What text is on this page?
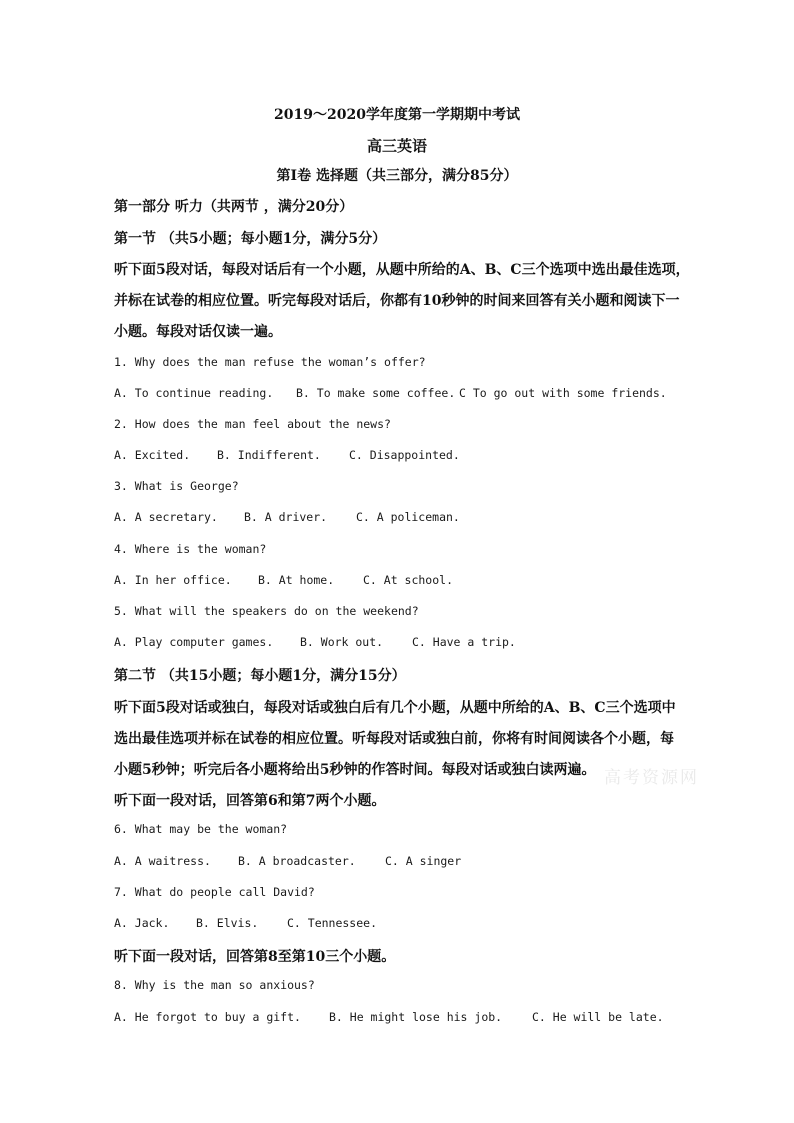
2019～2020学年度第一学期期中考试
高三英语
第Ⅰ卷 选择题（共三部分，满分85分）
第一部分 听力（共两节 ，满分20分）
第一节 （共5小题；每小题1分，满分5分）
听下面5段对话，每段对话后有一个小题，从题中所给的A、B、C三个选项中选出最佳选项，
并标在试卷的相应位置。听完每段对话后，你都有10秒钟的时间来回答有关小题和阅读下一
小题。每段对话仅读一遍。
1. Why does the man refuse the woman’s offer?
A. To continue reading. B. To make some coffee. C To go out with some friends.
2. How does the man feel about the news?
A. Excited. B. Indifferent. C. Disappointed.
3. What is George?
A. A secretary. B. A driver.	C. A policeman.
4. Where is the woman?
A. In her office. B. At home.	C. At school.
5. What will the speakers do on the weekend?
A. Play computer games. B. Work out.	C. Have a trip.
第二节 （共15小题；每小题1分，满分15分）
听下面5段对话或独白，每段对话或独白后有几个小题，从题中所给的A、B、C三个选项中
选出最佳选项并标在试卷的相应位置。听每段对话或独白前，你将有时间阅读各个小题，每
小题5秒钟；听完后各小题将给出5秒钟的作答时间。每段对话或独白读两遍。 高考资源网
听下面一段对话，回答第6和第7两个小题。
6. What may be the woman?
A. A waitress. B. A broadcaster.	C. A singer
7. What do people call David?
A. Jack. B. Elvis. C. Tennessee.
听下面一段对话，回答第8至第10三个小题。
8. Why is the man so anxious?
A. He forgot to buy a gift. B. He might lose his job.	C. He will be late.
